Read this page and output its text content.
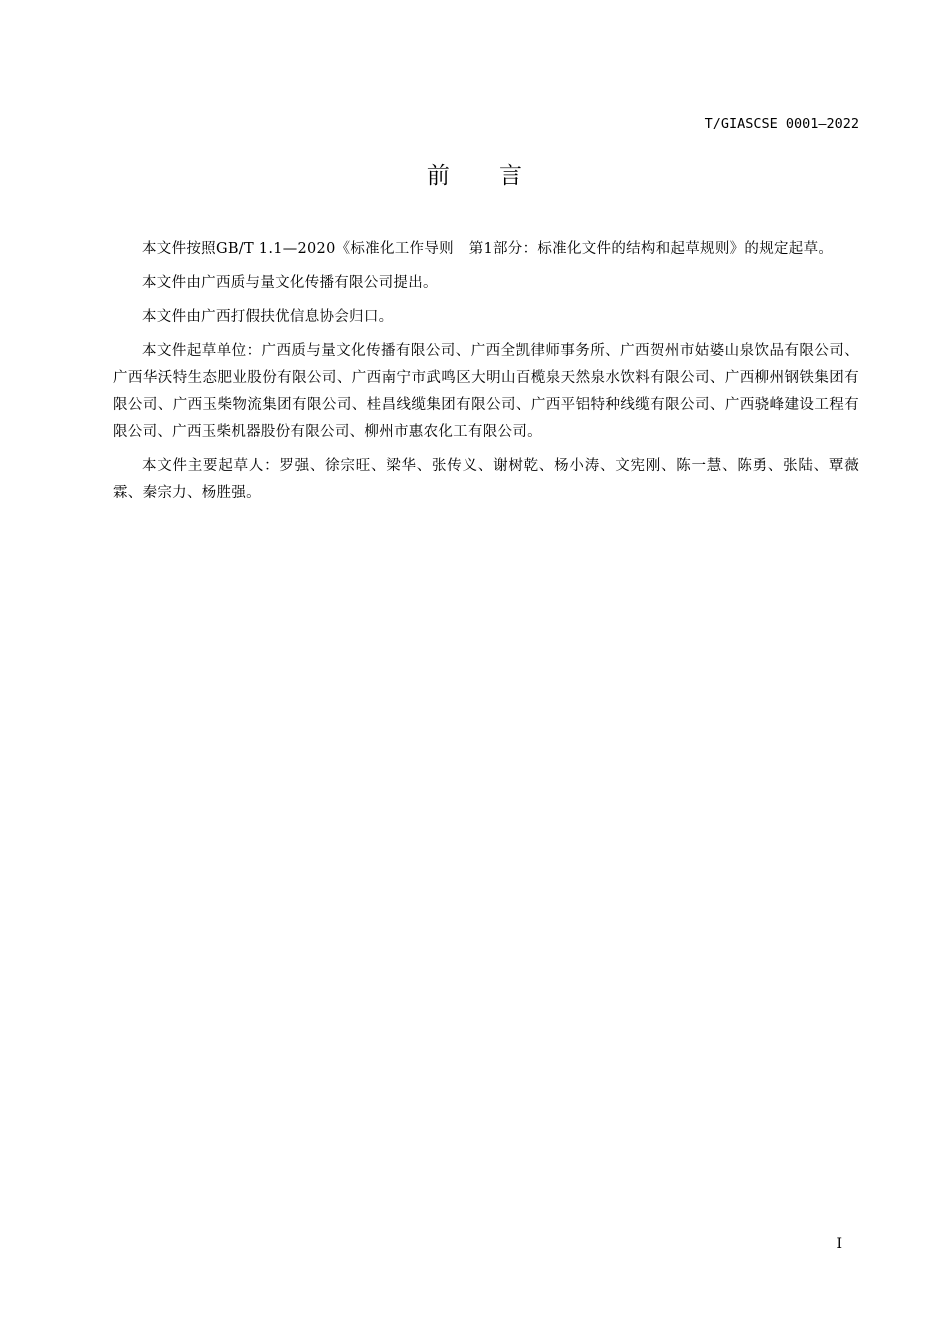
T/GIASCSE 0001—2022
前 言

本文件按照GB/T 1.1—2020《标准化工作导则　第1部分：标准化文件的结构和起草规则》的规定起草。

本文件由广西质与量文化传播有限公司提出。

本文件由广西打假扶优信息协会归口。

本文件起草单位：广西质与量文化传播有限公司、广西全凯律师事务所、广西贺州市姑婆山泉饮品有限公司、广西华沃特生态肥业股份有限公司、广西南宁市武鸣区大明山百榄泉天然泉水饮料有限公司、广西柳州钢铁集团有限公司、广西玉柴物流集团有限公司、桂昌线缆集团有限公司、广西平铝特种线缆有限公司、广西骁峰建设工程有限公司、广西玉柴机器股份有限公司、柳州市惠农化工有限公司。

本文件主要起草人：罗强、徐宗旺、梁华、张传义、谢树乾、杨小涛、文宪刚、陈一慧、陈勇、张陆、覃薇霖、秦宗力、杨胜强。

I
